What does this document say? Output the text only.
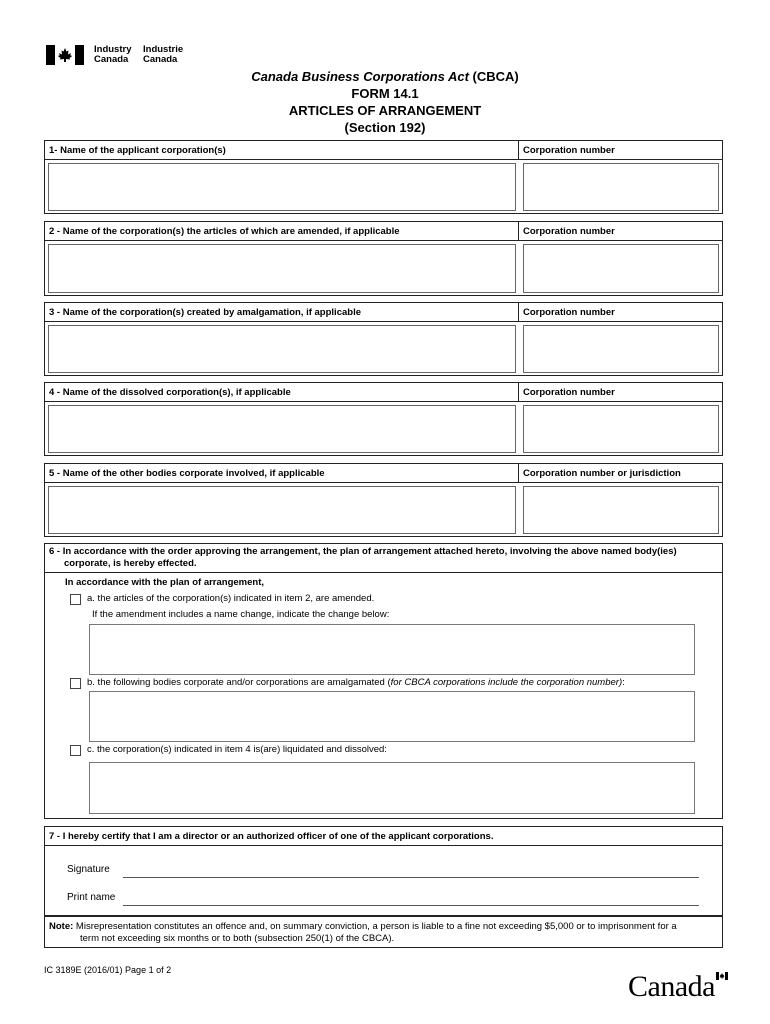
Industry
Canada
Industrie
Canada
Canada Business Corporations Act (CBCA)
FORM 14.1
ARTICLES OF ARRANGEMENT
(Section 192)
1- Name of the applicant corporation(s)	Corporation number
2 - Name of the corporation(s) the articles of which are amended, if applicable	Corporation number
3 - Name of the corporation(s) created by amalgamation, if applicable	Corporation number
4 - Name of the dissolved corporation(s), if applicable	Corporation number
5 - Name of the other bodies corporate involved, if applicable	Corporation number or jurisdiction
6 - In accordance with the order approving the arrangement, the plan of arrangement attached hereto, involving the above named body(ies)
corporate, is hereby effected.
In accordance with the plan of arrangement,
a. the articles of the corporation(s) indicated in item 2, are amended.
If the amendment includes a name change, indicate the change below:
b. the following bodies corporate and/or corporations are amalgamated (for CBCA corporations include the corporation number):
c. the corporation(s) indicated in item 4 is(are) liquidated and dissolved:
7 - I hereby certify that I am a director or an authorized officer of one of the applicant corporations.
Signature
Print name
Note: Misrepresentation constitutes an offence and, on summary conviction, a person is liable to a fine not exceeding $5,000 or to imprisonment for a
term not exceeding six months or to both (subsection 250(1) of the CBCA).
IC 3189E (2016/01) Page 1 of 2	Canada
